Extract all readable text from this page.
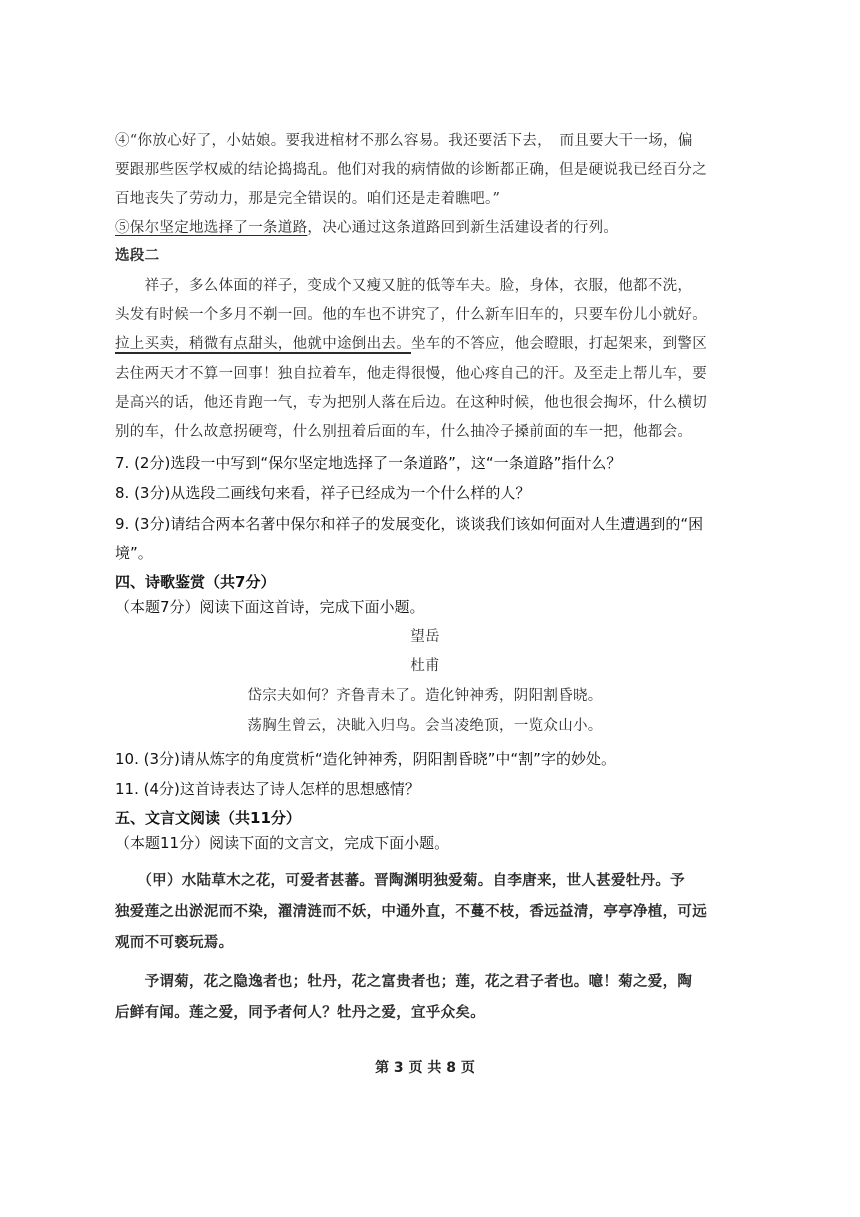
④“你放心好了，小姑娘。要我进棺材不那么容易。我还要活下去，　而且要大干一场，偏
要跟那些医学权威的结论捣捣乱。他们对我的病情做的诊断都正确，但是硬说我已经百分之
百地丧失了劳动力，那是完全错误的。咱们还是走着瞧吧。”
⑤保尔坚定地选择了一条道路，决心通过这条道路回到新生活建设者的行列。
选段二
　　祥子，多么体面的祥子，变成个又瘦又脏的低等车夫。脸，身体，衣服，他都不洗，
头发有时候一个多月不剃一回。他的车也不讲究了，什么新车旧车的，只要车份儿小就好。
拉上买卖，稍微有点甜头，他就中途倒出去。坐车的不答应，他会瞪眼，打起架来，到警区
去住两天才不算一回事！独自拉着车，他走得很慢，他心疼自己的汗。及至走上帮儿车，要
是高兴的话，他还肯跑一气，专为把别人落在后边。在这种时候，他也很会掏坏，什么横切
别的车，什么故意拐硬弯，什么别扭着后面的车，什么抽冷子搡前面的车一把，他都会。
7. (2分)选段一中写到“保尔坚定地选择了一条道路”，这“一条道路”指什么？
8. (3分)从选段二画线句来看，祥子已经成为一个什么样的人？
9. (3分)请结合两本名著中保尔和祥子的发展变化，谈谈我们该如何面对人生遭遇到的“困
境”。
四、诗歌鉴赏（共7分）
（本题7分）阅读下面这首诗，完成下面小题。
望岳
杜甫
岱宗夫如何？齐鲁青未了。造化钟神秀，阴阳割昏晓。
荡胸生曾云，决眦入归鸟。会当凌绝顶，一览众山小。
10. (3分)请从炼字的角度赏析“造化钟神秀，阴阳割昏晓”中“割”字的妙处。
11. (4分)这首诗表达了诗人怎样的思想感情？
五、文言文阅读（共11分）
（本题11分）阅读下面的文言文，完成下面小题。
　　（甲）水陆草木之花，可爱者甚蕃。晋陶渊明独爱菊。自李唐来，世人甚爱牡丹。予
独爱莲之出淤泥而不染，濯清涟而不妖，中通外直，不蔓不枝，香远益清，亭亭净植，可远
观而不可亵玩焉。
　　予谓菊，花之隐逸者也；牡丹，花之富贵者也；莲，花之君子者也。噫！菊之爱，陶
后鲜有闻。莲之爱，同予者何人？牡丹之爱，宜乎众矣。
第 3 页 共 8 页
